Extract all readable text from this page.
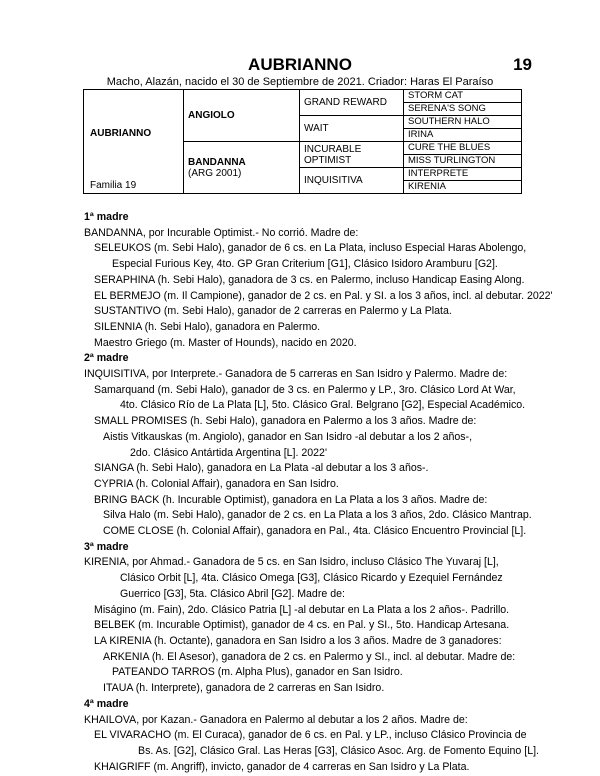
AUBRIANNO	19
Macho, Alazán, nacido el 30 de Septiembre de 2021. Criador: Haras El Paraíso
AUBRIANNO
Familia 19	ANGIOLO	GRAND REWARD	STORM CAT
			SERENA'S SONG
		WAIT	SOUTHERN HALO
			IRINA

	BANDANNA
(ARG 2001)	INCURABLE OPTIMIST	CURE THE BLUES
			MISS TURLINGTON
		INQUISITIVA	INTERPRETE
			KIRENIA
1ª madre
BANDANNA, por Incurable Optimist.- No corrió. Madre de:
SELEUKOS (m. Sebi Halo), ganador de 6 cs. en La Plata, incluso Especial Haras Abolengo,
Especial Furious Key, 4to. GP Gran Criterium [G1], Clásico Isidoro Aramburu [G2].
SERAPHINA (h. Sebi Halo), ganadora de 3 cs. en Palermo, incluso Handicap Easing Along.
EL BERMEJO (m. Il Campione), ganador de 2 cs. en Pal. y SI. a los 3 años, incl. al debutar. 2022'
SUSTANTIVO (m. Sebi Halo), ganador de 2 carreras en Palermo y La Plata.
SILENNIA (h. Sebi Halo), ganadora en Palermo.
Maestro Griego (m. Master of Hounds), nacido en 2020.
2ª madre
INQUISITIVA, por Interprete.- Ganadora de 5 carreras en San Isidro y Palermo. Madre de:
Samarquand (m. Sebi Halo), ganador de 3 cs. en Palermo y LP., 3ro. Clásico Lord At War,
4to. Clásico Río de La Plata [L], 5to. Clásico Gral. Belgrano [G2], Especial Académico.
SMALL PROMISES (h. Sebi Halo), ganadora en Palermo a los 3 años. Madre de:
Aistis Vitkauskas (m. Angiolo), ganador en San Isidro -al debutar a los 2 años-,
2do. Clásico Antártida Argentina [L]. 2022'
SIANGA (h. Sebi Halo), ganadora en La Plata -al debutar a los 3 años-.
CYPRIA (h. Colonial Affair), ganadora en San Isidro.
BRING BACK (h. Incurable Optimist), ganadora en La Plata a los 3 años. Madre de:
Silva Halo (m. Sebi Halo), ganador de 2 cs. en La Plata a los 3 años, 2do. Clásico Mantrap.
COME CLOSE (h. Colonial Affair), ganadora en Pal., 4ta. Clásico Encuentro Provincial [L].
3ª madre
KIRENIA, por Ahmad.- Ganadora de 5 cs. en San Isidro, incluso Clásico The Yuvaraj [L],
Clásico Orbit [L], 4ta. Clásico Omega [G3], Clásico Ricardo y Ezequiel Fernández
Guerrico [G3], 5ta. Clásico Abril [G2]. Madre de:
Miságino (m. Fain), 2do. Clásico Patria [L] -al debutar en La Plata a los 2 años-. Padrillo.
BELBEK (m. Incurable Optimist), ganador de 4 cs. en Pal. y SI., 5to. Handicap Artesana.
LA KIRENIA (h. Octante), ganadora en San Isidro a los 3 años. Madre de 3 ganadores:
ARKENIA (h. El Asesor), ganadora de 2 cs. en Palermo y SI., incl. al debutar. Madre de:
PATEANDO TARROS (m. Alpha Plus), ganador en San Isidro.
ITAUA (h. Interprete), ganadora de 2 carreras en San Isidro.
4ª madre
KHAILOVA, por Kazan.- Ganadora en Palermo al debutar a los 2 años. Madre de:
EL VIVARACHO (m. El Curaca), ganador de 6 cs. en Pal. y LP., incluso Clásico Provincia de
Bs. As. [G2], Clásico Gral. Las Heras [G3], Clásico Asoc. Arg. de Fomento Equino [L].
KHAIGRIFF (m. Angriff), invicto, ganador de 4 carreras en San Isidro y La Plata.
